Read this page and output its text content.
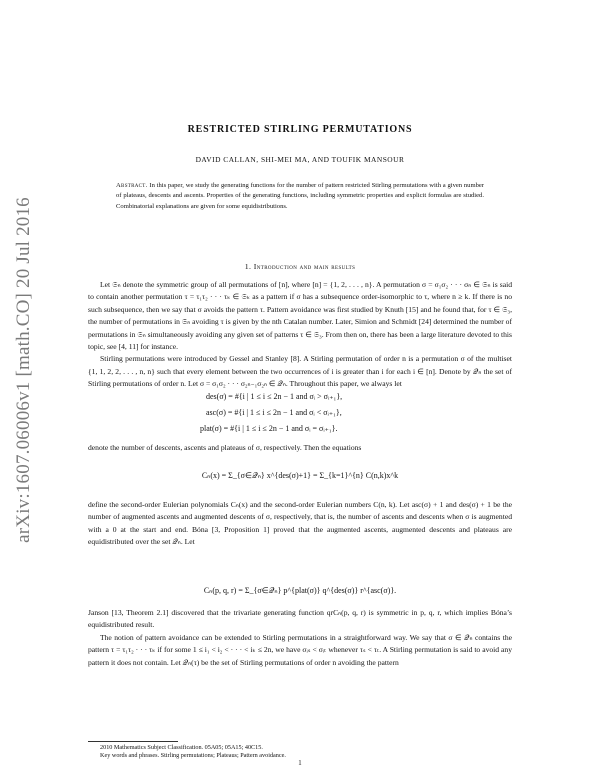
arXiv:1607.06006v1 [math.CO] 20 Jul 2016
RESTRICTED STIRLING PERMUTATIONS
DAVID CALLAN, SHI-MEI MA, AND TOUFIK MANSOUR
Abstract. In this paper, we study the generating functions for the number of pattern restricted Stirling permutations with a given number of plateaus, descents and ascents. Properties of the generating functions, including symmetric properties and explicit formulas are studied. Combinatorial explanations are given for some equidistributions.
1. Introduction and main results

Let 𝔖ₙ denote the symmetric group of all permutations of [n], where [n] = {1, 2, . . . , n}. A permutation σ = σ₁σ₂ · · · σₙ ∈ 𝔖ₙ is said to contain another permutation τ = τ₁τ₂ · · · τₖ ∈ 𝔖ₖ as a pattern if σ has a subsequence order-isomorphic to τ, where n ≥ k. If there is no such subsequence, then we say that σ avoids the pattern τ. Pattern avoidance was first studied by Knuth [15] and he found that, for τ ∈ 𝔖₃, the number of permutations in 𝔖ₙ avoiding τ is given by the nth Catalan number. Later, Simion and Schmidt [24] determined the number of permutations in 𝔖ₙ simultaneously avoiding any given set of patterns τ ∈ 𝔖₃. From then on, there has been a large literature devoted to this topic, see [4, 11] for instance.

Stirling permutations were introduced by Gessel and Stanley [8]. A Stirling permutation of order n is a permutation σ of the multiset {1, 1, 2, 2, . . . , n, n} such that every element between the two occurrences of i is greater than i for each i ∈ [n]. Denote by 𝒬ₙ the set of Stirling permutations of order n. Let σ = σ₁σ₂ · · · σ₂ₙ₋₁σ₂ₙ ∈ 𝒬ₙ. Throughout this paper, we always let

des(σ) = #{i | 1 ≤ i ≤ 2n − 1 and σᵢ > σᵢ₊₁},
asc(σ) = #{i | 1 ≤ i ≤ 2n − 1 and σᵢ < σᵢ₊₁},
plat(σ) = #{i | 1 ≤ i ≤ 2n − 1 and σᵢ = σᵢ₊₁}.

denote the number of descents, ascents and plateaus of σ, respectively. Then the equations

Cₙ(x) = Σ_{σ∈𝒬ₙ} x^{des(σ)+1} = Σ_{k=1}^{n} C(n,k)x^k

define the second-order Eulerian polynomials Cₙ(x) and the second-order Eulerian numbers C(n, k). Let asc(σ) + 1 and des(σ) + 1 be the number of augmented ascents and augmented descents of σ, respectively, that is, the number of ascents and descents when σ is augmented with a 0 at the start and end. Bóna [3, Proposition 1] proved that the augmented ascents, augmented descents and plateaus are equidistributed over the set 𝒬ₙ. Let

Cₙ(p, q, r) = Σ_{σ∈𝒬ₙ} p^{plat(σ)} q^{des(σ)} r^{asc(σ)}.

Janson [13, Theorem 2.1] discovered that the trivariate generating function qrCₙ(p, q, r) is symmetric in p, q, r, which implies Bóna’s equidistributed result.

The notion of pattern avoidance can be extended to Stirling permutations in a straightforward way. We say that σ ∈ 𝒬ₙ contains the pattern τ = τ₁τ₂ · · · τₖ if for some 1 ≤ i₁ < i₂ < · · · < iₖ ≤ 2n, we have σᵢₛ < σᵢₜ whenever τₛ < τₜ. A Stirling permutation is said to avoid any pattern it does not contain. Let 𝒬ₙ(τ) be the set of Stirling permutations of order n avoiding the pattern

2010 Mathematics Subject Classification. 05A05; 05A15; 40C15.
Key words and phrases. Stirling permutations; Plateaus; Pattern avoidance.
1
